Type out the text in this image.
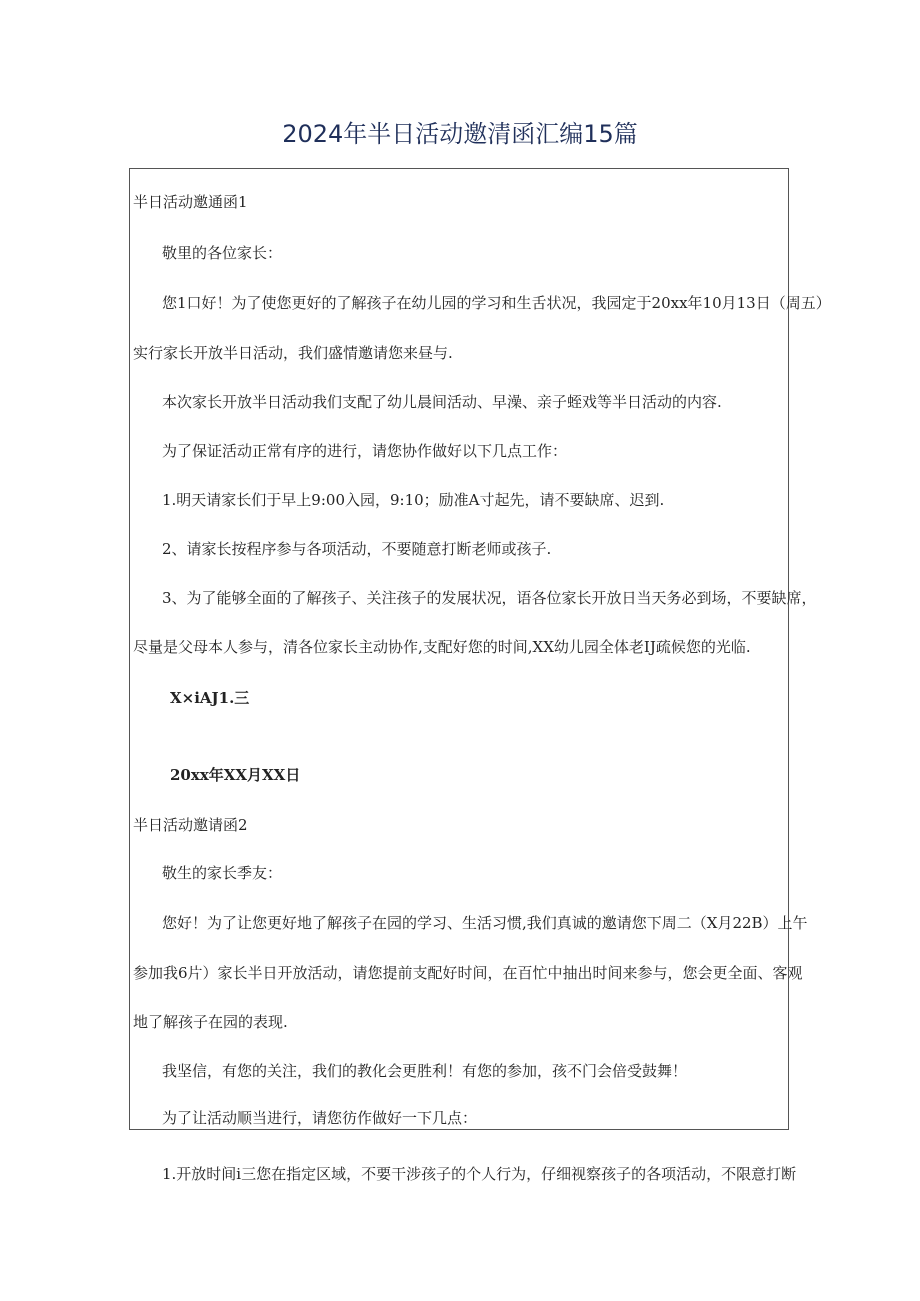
2024年半日活动邀清函汇编15篇
半日活动邀通函1
敬里的各位家长：
您1口好！为了使您更好的了解孩子在幼儿园的学习和生舌状况，我园定于20xx年10月13日（周五）
实行家长开放半日活动，我们盛情邀请您来昼与.
本次家长开放半日活动我们支配了幼儿晨间活动、早澡、亲子蛭戏等半日活动的内容.
为了保证活动正常有序的进行，请您协作做好以下几点工作：
1.明天请家长们于早上9:00入园，9:10；励准A寸起先，请不要缺席、迟到.
2、请家长按程序参与各项活动，不要随意打断老师或孩子.
3、为了能够全面的了解孩子、关注孩子的发展状况，语各位家长开放日当天务必到场，不要缺席，
尽量是父母本人参与，清各位家长主动协作,支配好您的时间,XX幼儿园全体老IJ疏候您的光临.
X×iAJ1.三
20xx年XX月XX日
半日活动邀请函2
敬生的家长季友：
您好！为了让您更好地了解孩子在园的学习、生活习惯,我们真诚的邀请您下周二（X月22B）上午
参加我6片）家长半日开放活动，请您提前支配好时间，在百忙中抽出时间来参与，您会更全面、客观
地了解孩子在园的表现.
我坚信，有您的关注，我们的教化会更胜利！有您的参加，孩不门会倍受鼓舞！
为了让活动顺当进行，请您彷作做好一下几点：
1.开放时间i三您在指定区域，不要干涉孩子的个人行为，仔细视察孩子的各项活动，不限意打断
